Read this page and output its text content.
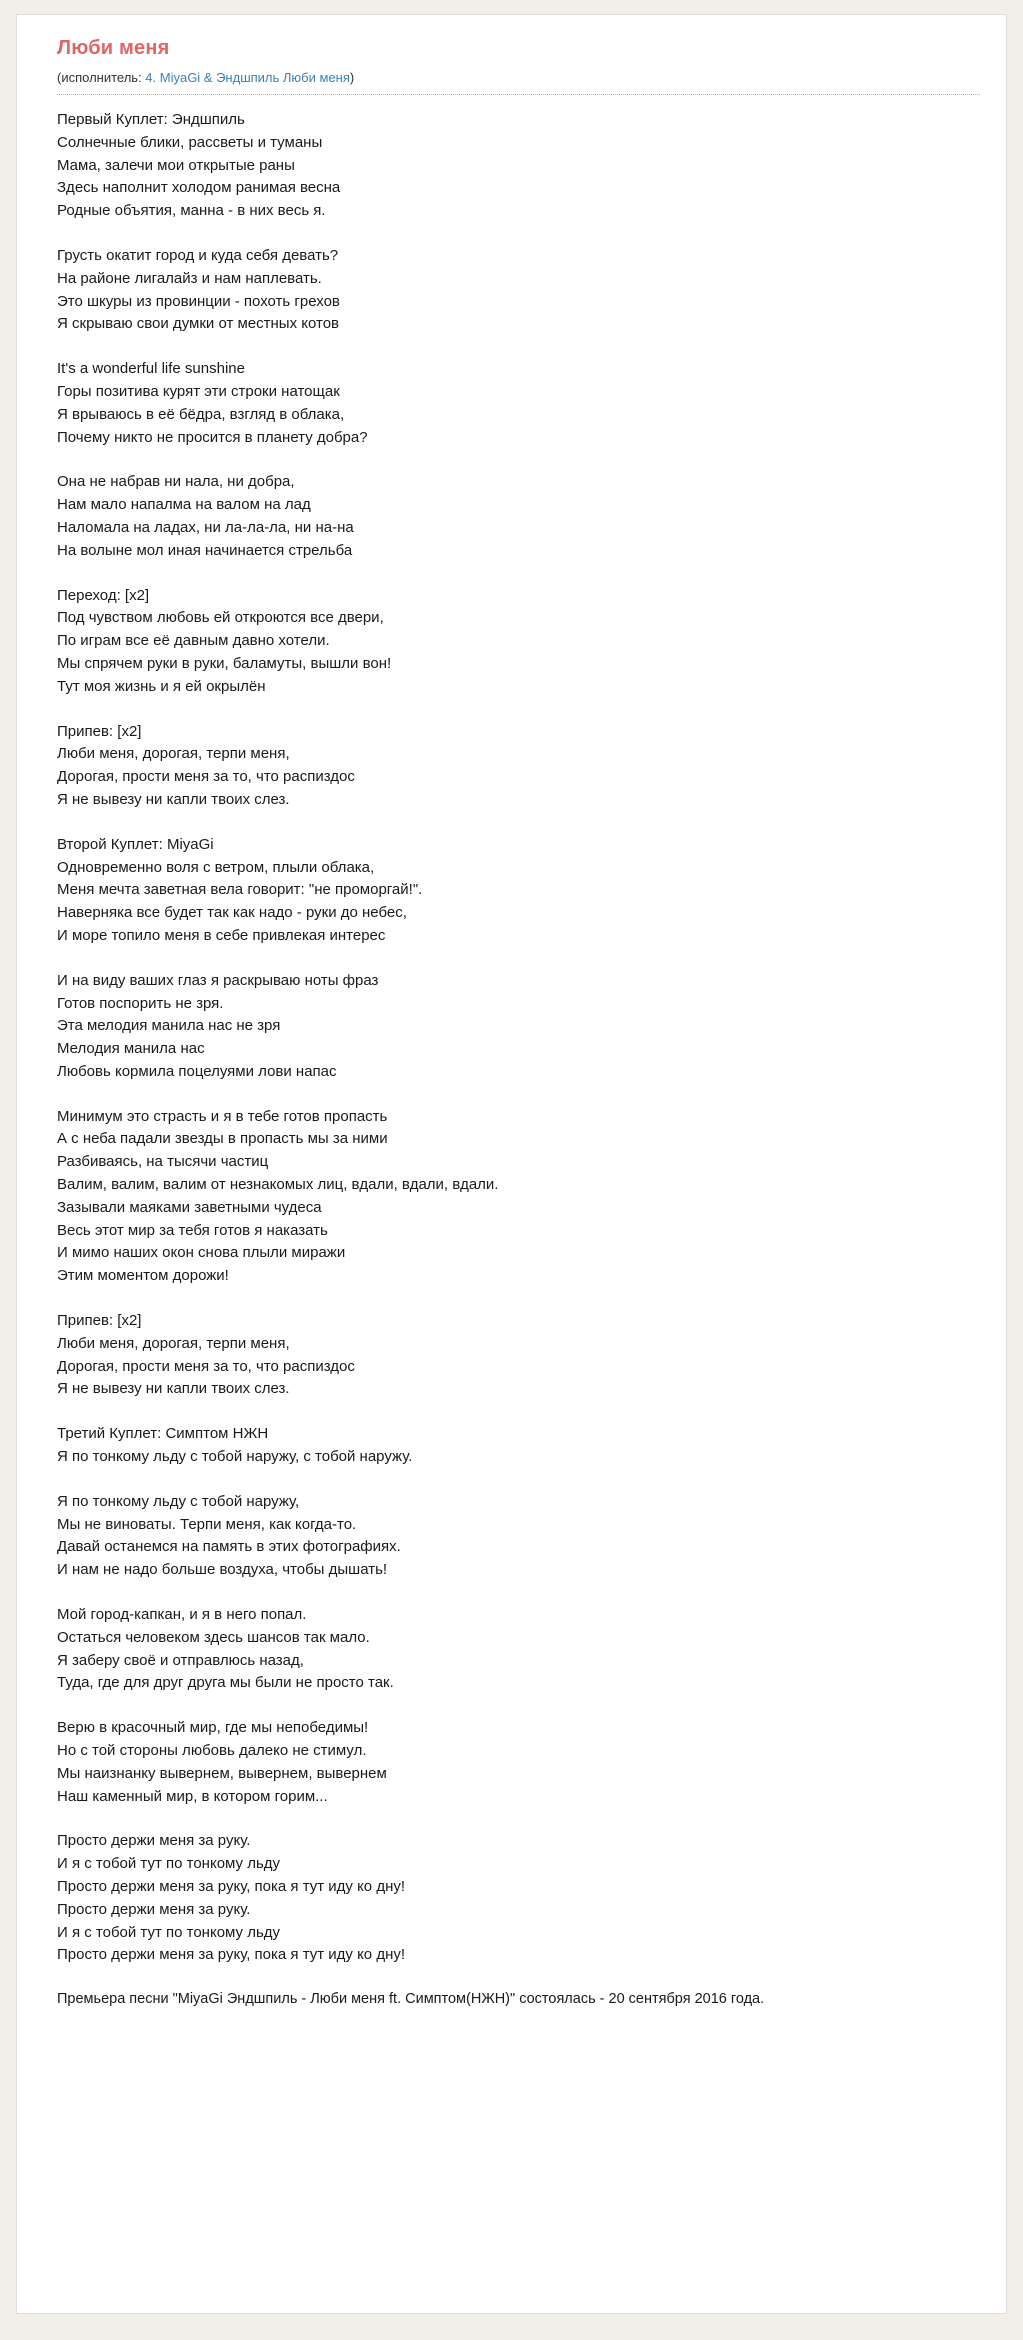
Люби меня
(исполнитель: 4. MiyaGi & Эндшпиль Люби меня)
Первый Куплет: Эндшпиль
Солнечные блики, рассветы и туманы
Мама, залечи мои открытые раны
Здесь наполнит холодом ранимая весна
Родные объятия, манна - в них весь я.
Грусть окатит город и куда себя девать?
На районе лигалайз и нам наплевать.
Это шкуры из провинции - похоть грехов
Я скрываю свои думки от местных котов
It's a wonderful life sunshine
Горы позитива курят эти строки натощак
Я врываюсь в её бёдра, взгляд в облака,
Почему никто не просится в планету добра?
Она не набрав ни нала, ни добра,
Нам мало напалма на валом на лад
Наломала на ладах, ни ла-ла-ла, ни на-на
На волыне мол иная начинается стрельба
Переход: [x2]
Под чувством любовь ей откроются все двери,
По играм все её давным давно хотели.
Мы спрячем руки в руки, баламуты, вышли вон!
Тут моя жизнь и я ей окрылён
Припев: [x2]
Люби меня, дорогая, терпи меня,
Дорогая, прости меня за то, что распиздос
Я не вывезу ни капли твоих слез.
Второй Куплет: MiyaGi
Одновременно воля с ветром, плыли облака,
Меня мечта заветная вела говорит: "не проморгай!".
Наверняка все будет так как надо - руки до небес,
И море топило меня в себе привлекая интерес
И на виду ваших глаз я раскрываю ноты фраз
Готов поспорить не зря.
Эта мелодия манила нас не зря
Мелодия манила нас
Любовь кормила поцелуями лови напас
Минимум это страсть и я в тебе готов пропасть
А с неба падали звезды в пропасть мы за ними
Разбиваясь, на тысячи частиц
Валим, валим, валим от незнакомых лиц, вдали, вдали, вдали.
Зазывали маяками заветными чудеса
Весь этот мир за тебя готов я наказать
И мимо наших окон снова плыли миражи
Этим моментом дорожи!
Припев: [x2]
Люби меня, дорогая, терпи меня,
Дорогая, прости меня за то, что распиздос
Я не вывезу ни капли твоих слез.
Третий Куплет: Симптом НЖН
Я по тонкому льду с тобой наружу, с тобой наружу.
Я по тонкому льду с тобой наружу,
Мы не виноваты. Терпи меня, как когда-то.
Давай останемся на память в этих фотографиях.
И нам не надо больше воздуха, чтобы дышать!
Мой город-капкан, и я в него попал.
Остаться человеком здесь шансов так мало.
Я заберу своё и отправлюсь назад,
Туда, где для друг друга мы были не просто так.
Верю в красочный мир, где мы непобедимы!
Но с той стороны любовь далеко не стимул.
Мы наизнанку вывернем, вывернем, вывернем
Наш каменный мир, в котором горим...
Просто держи меня за руку.
И я с тобой тут по тонкому льду
Просто держи меня за руку, пока я тут иду ко дну!
Просто держи меня за руку.
И я с тобой тут по тонкому льду
Просто держи меня за руку, пока я тут иду ко дну!
Премьера песни "MiyaGi Эндшпиль - Люби меня ft. Симптом(НЖН)" состоялась - 20 сентября 2016 года.
